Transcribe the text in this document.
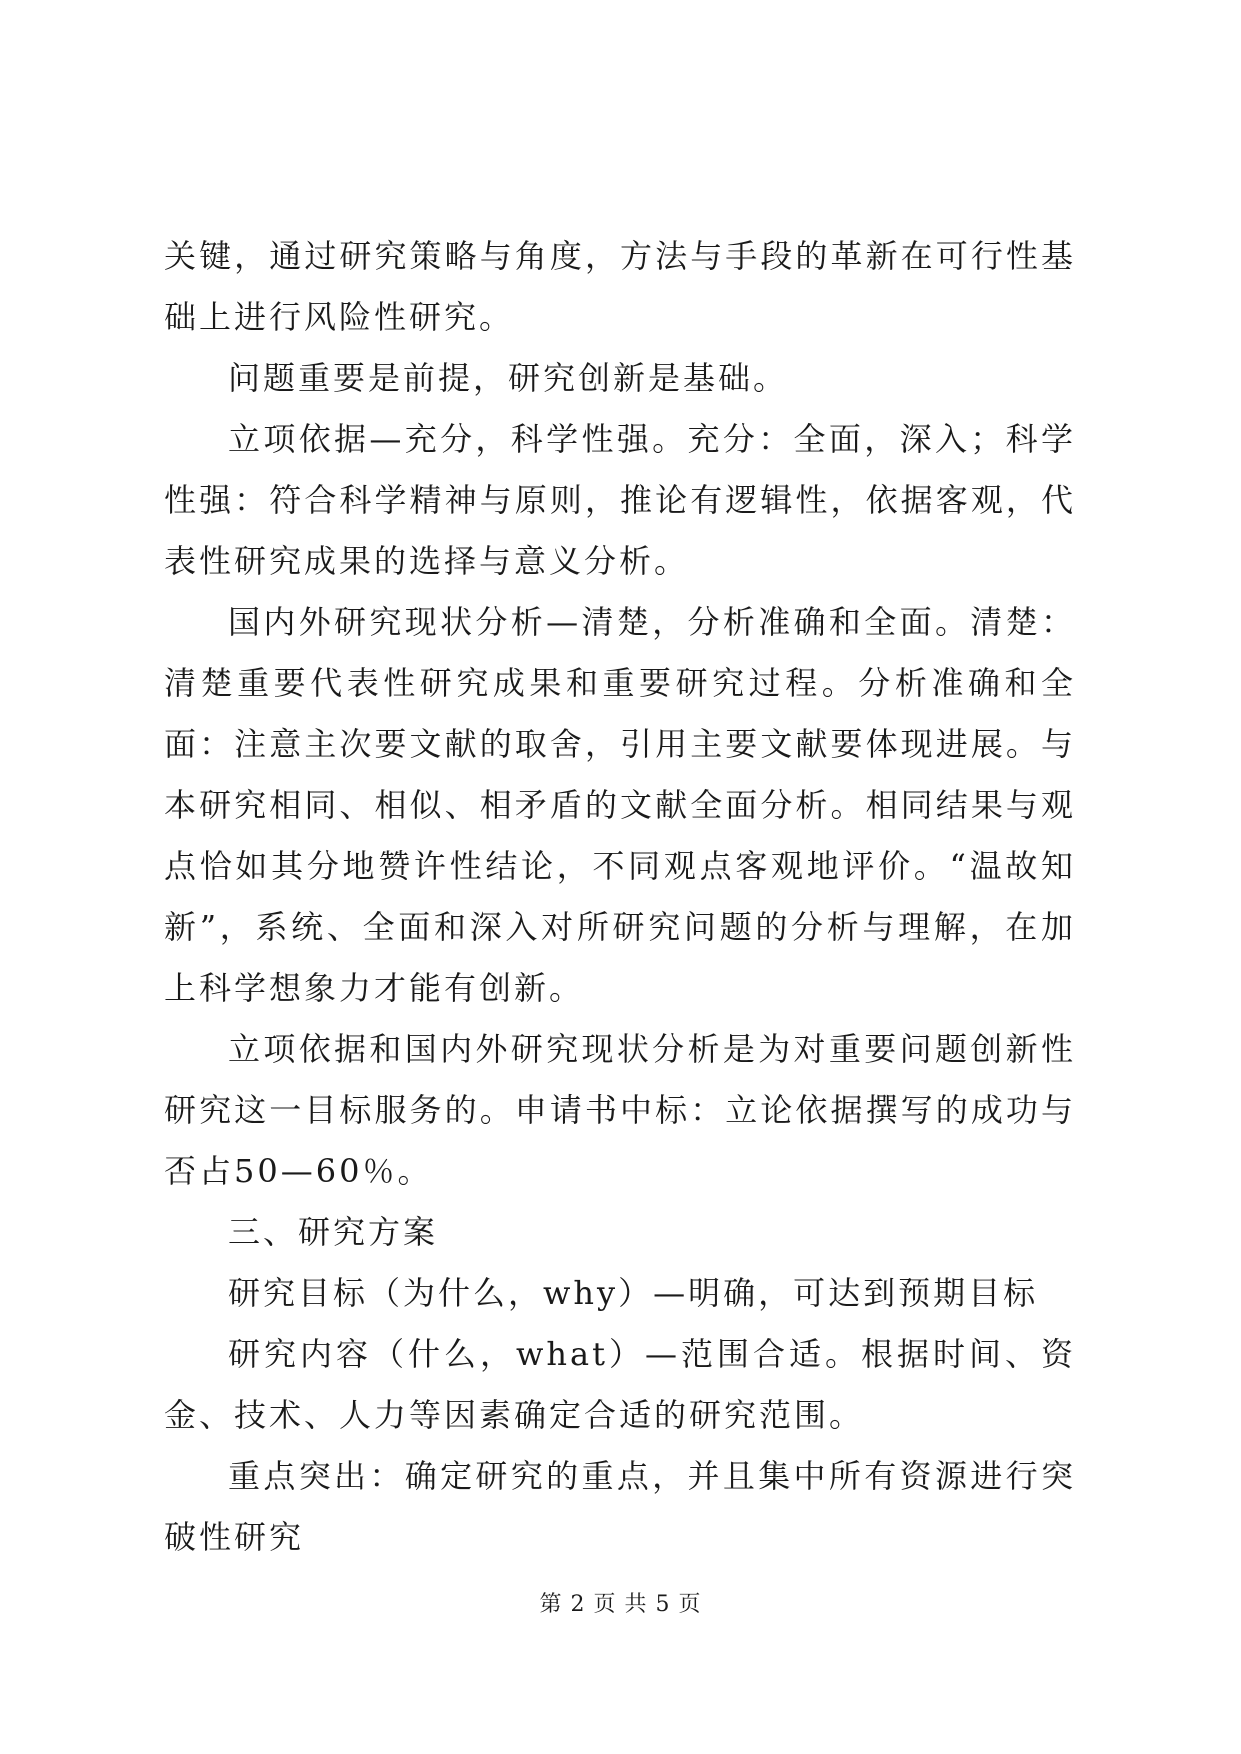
关键，通过研究策略与角度，方法与手段的革新在可行性基础上进行风险性研究。

问题重要是前提，研究创新是基础。

立项依据—充分，科学性强。充分：全面，深入；科学性强：符合科学精神与原则，推论有逻辑性，依据客观，代表性研究成果的选择与意义分析。

国内外研究现状分析—清楚，分析准确和全面。清楚：清楚重要代表性研究成果和重要研究过程。分析准确和全面：注意主次要文献的取舍，引用主要文献要体现进展。与本研究相同、相似、相矛盾的文献全面分析。相同结果与观点恰如其分地赞许性结论，不同观点客观地评价。“温故知新”，系统、全面和深入对所研究问题的分析与理解，在加上科学想象力才能有创新。

立项依据和国内外研究现状分析是为对重要问题创新性研究这一目标服务的。申请书中标：立论依据撰写的成功与否占50—60％。

三、研究方案

研究目标（为什么，why）—明确，可达到预期目标

研究内容（什么，what）—范围合适。根据时间、资金、技术、人力等因素确定合适的研究范围。

重点突出：确定研究的重点，并且集中所有资源进行突破性研究

第 2 页 共 5 页
